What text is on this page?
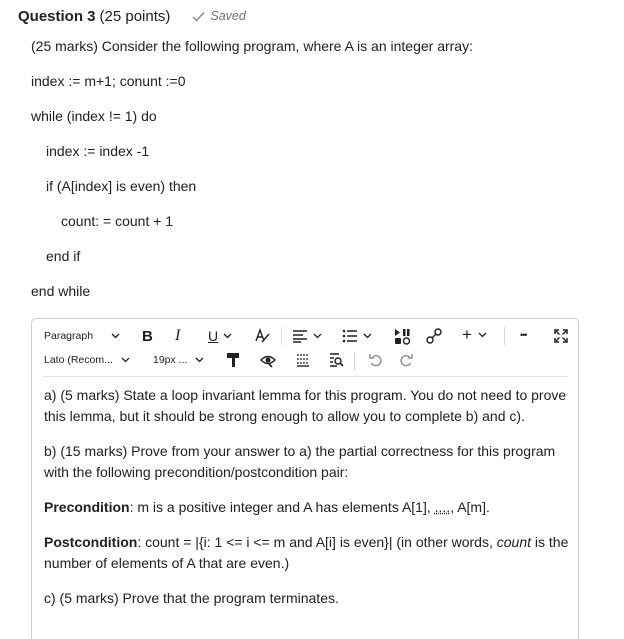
Question 3 (25 points)	Saved
(25 marks) Consider the following program, where A is an integer array:
index := m+1; conunt :=0
while (index != 1) do
index := index -1
if (A[index] is even) then
count: = count + 1
end if
end while
Paragraph	B I U	+	•••
Lato (Recom...	19px ...

a) (5 marks) State a loop invariant lemma for this program. You do not need to prove this lemma, but it should be strong enough to allow you to complete b) and c).

b) (15 marks) Prove from your answer to a) the partial correctness for this program with the following precondition/postcondition pair:

Precondition: m is a positive integer and A has elements A[1], ...., A[m].

Postcondition: count = |{i: 1 <= i <= m and A[i] is even}| (in other words, count is the number of elements of A that are even.)

c) (5 marks) Prove that the program terminates.
